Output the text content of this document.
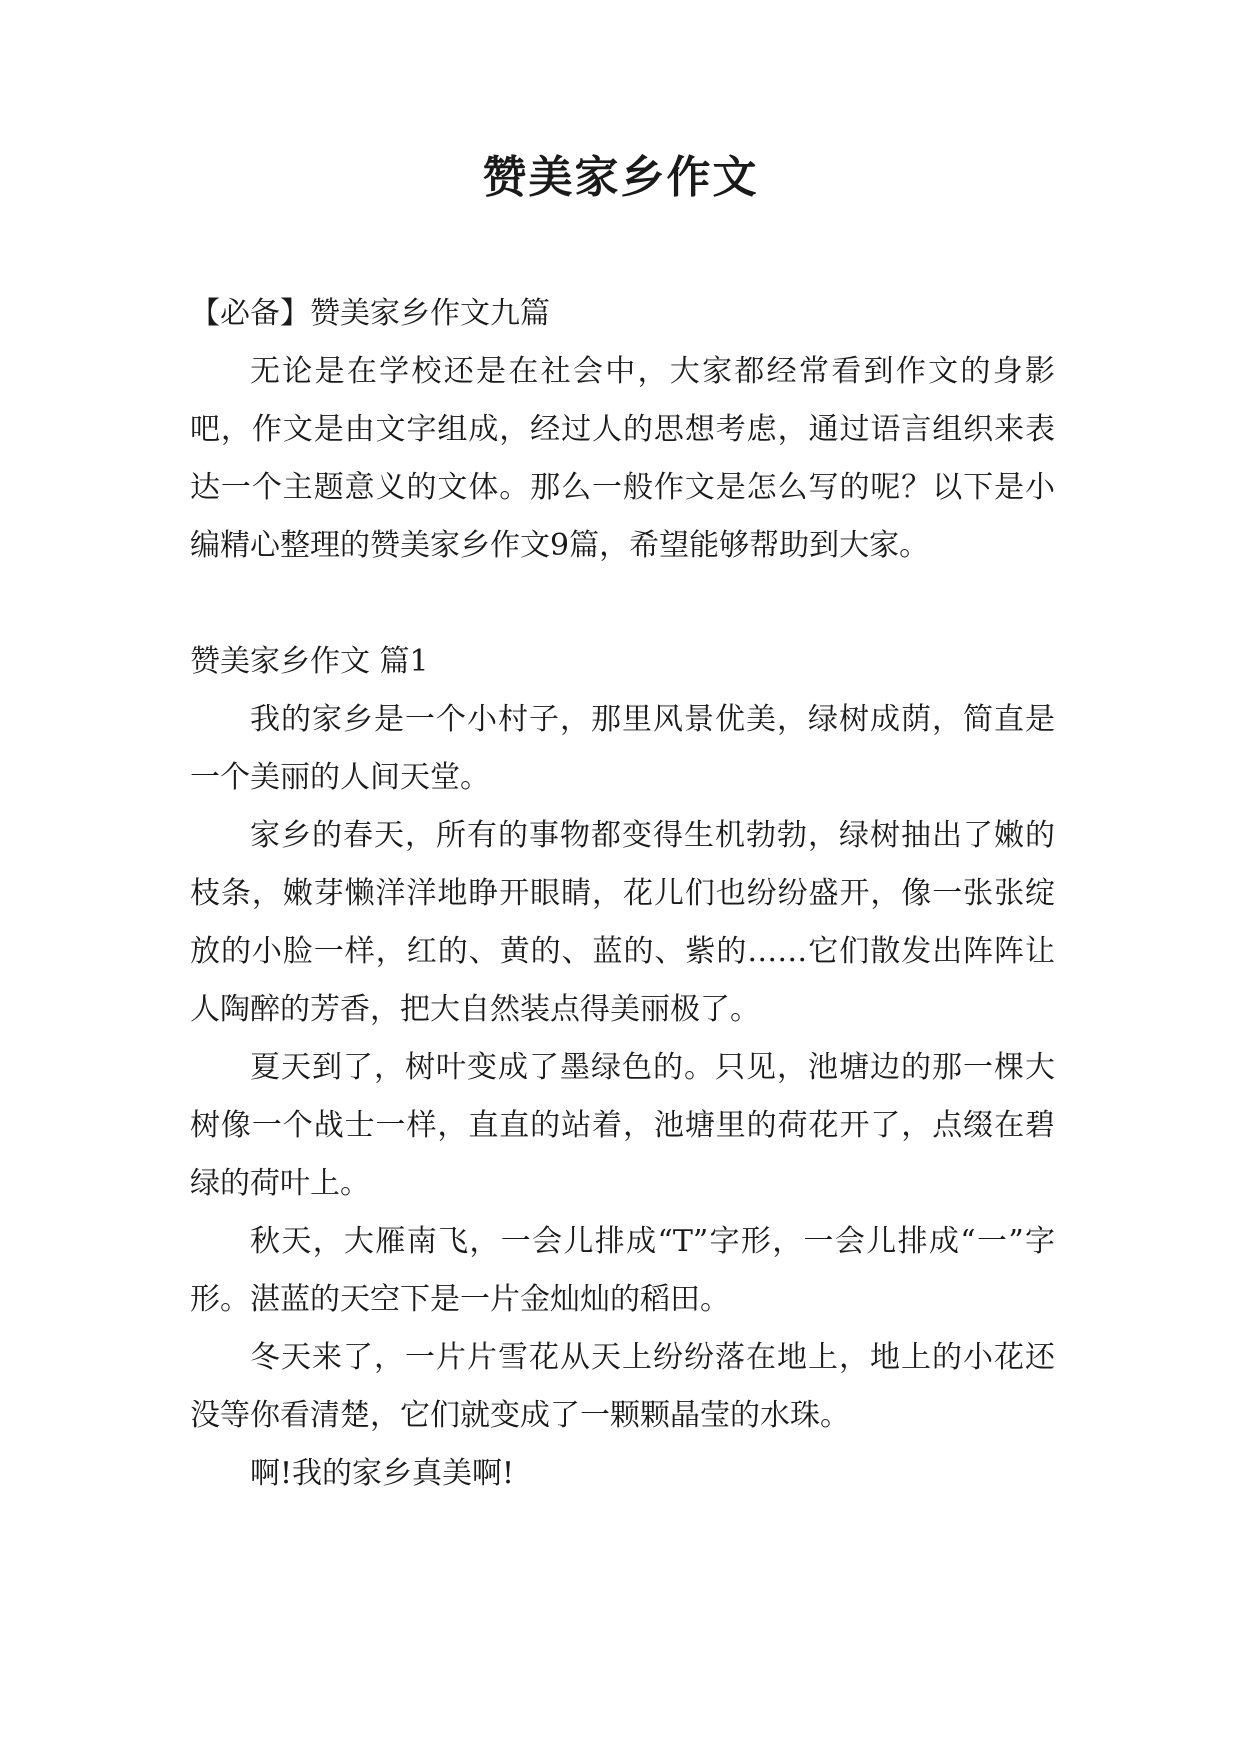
赞美家乡作文

【必备】赞美家乡作文九篇

无论是在学校还是在社会中，大家都经常看到作文的身影吧，作文是由文字组成，经过人的思想考虑，通过语言组织来表达一个主题意义的文体。那么一般作文是怎么写的呢？以下是小编精心整理的赞美家乡作文9篇，希望能够帮助到大家。

赞美家乡作文 篇1

我的家乡是一个小村子，那里风景优美，绿树成荫，简直是一个美丽的人间天堂。

家乡的春天，所有的事物都变得生机勃勃，绿树抽出了嫩的枝条，嫩芽懒洋洋地睁开眼睛，花儿们也纷纷盛开，像一张张绽放的小脸一样，红的、黄的、蓝的、紫的……它们散发出阵阵让人陶醉的芳香，把大自然装点得美丽极了。

夏天到了，树叶变成了墨绿色的。只见，池塘边的那一棵大树像一个战士一样，直直的站着，池塘里的荷花开了，点缀在碧绿的荷叶上。

秋天，大雁南飞，一会儿排成“T”字形，一会儿排成“一”字形。湛蓝的天空下是一片金灿灿的稻田。

冬天来了，一片片雪花从天上纷纷落在地上，地上的小花还没等你看清楚，它们就变成了一颗颗晶莹的水珠。

啊!我的家乡真美啊!
